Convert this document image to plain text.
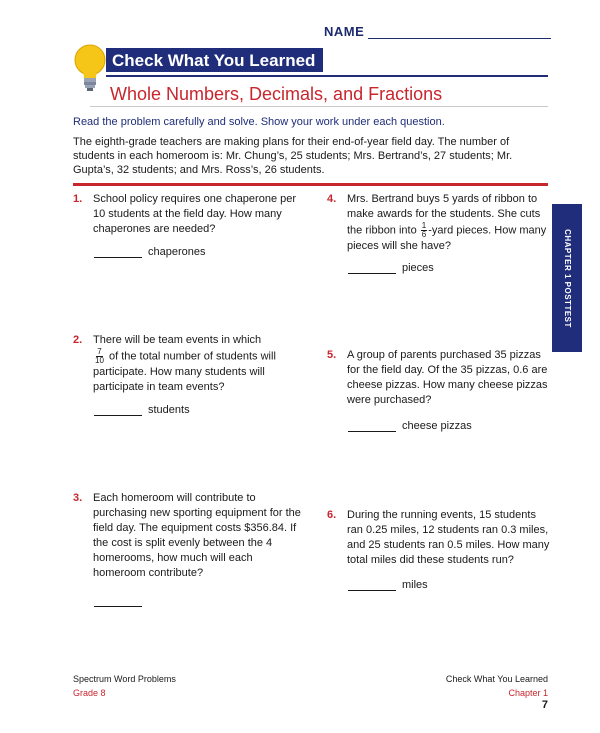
NAME
Check What You Learned
Whole Numbers, Decimals, and Fractions
Read the problem carefully and solve. Show your work under each question.
The eighth-grade teachers are making plans for their end-of-year field day. The number of students in each homeroom is: Mr. Chung’s, 25 students; Mrs. Bertrand’s, 27 students; Mr. Gupta’s, 32 students; and Mrs. Ross’s, 26 students.
1. School policy requires one chaperone per 10 students at the field day. How many chaperones are needed?
chaperones
2. There will be team events in which

$\frac{7}{10}$ of the total number of students will participate. How many students will participate in team events?
students
3. Each homeroom will contribute to purchasing new sporting equipment for the field day. The equipment costs $356.84. If the cost is split evenly between the 4 homerooms, how much will each homeroom contribute?
4. Mrs. Bertrand buys 5 yards of ribbon to make awards for the students. She cuts the ribbon into $\frac{1}{6}$ -yard pieces. How many pieces will she have?
pieces
5. A group of parents purchased 35 pizzas for the field day. Of the 35 pizzas, 0.6 are cheese pizzas. How many cheese pizzas were purchased?
cheese pizzas
6. During the running events, 15 students ran 0.25 miles, 12 students ran 0.3 miles, and 25 students ran 0.5 miles. How many total miles did these students run?
miles
CHAPTER 1 POSTTEST
Spectrum Word Problems
Grade 8
Check What You Learned
Chapter 1
7
